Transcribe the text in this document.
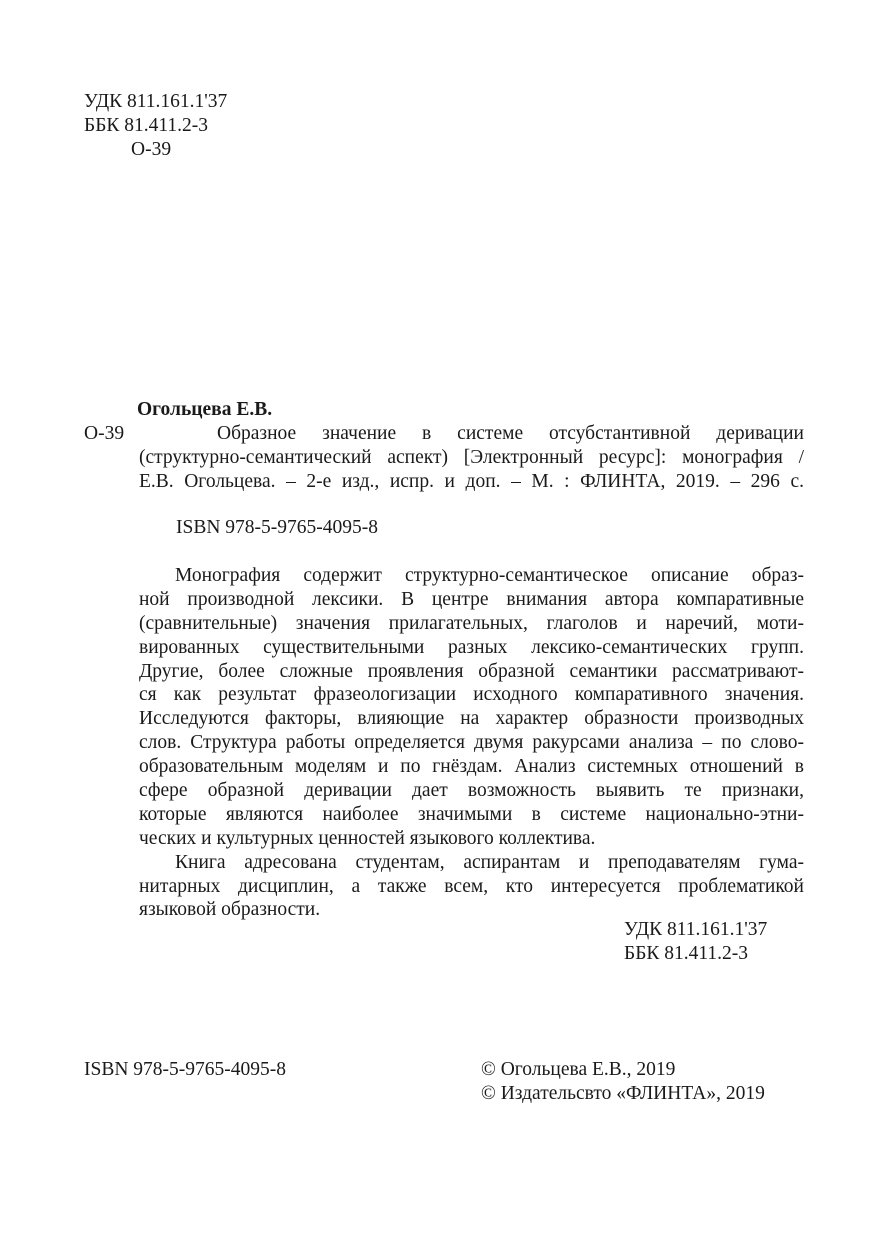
УДК 811.161.1'37
ББК 81.411.2-3
О-39
Огольцева Е.В.
О-39	Образное значение в системе отсубстантивной деривации
(структурно-семантический аспект) [Электронный ресурс]: монография /
Е.В. Огольцева. – 2-е изд., испр. и доп. – М. : ФЛИНТА, 2019. – 296 с.
ISBN 978-5-9765-4095-8
Монография содержит структурно-семантическое описание образ-
ной производной лексики. В центре внимания автора компаративные
(сравнительные) значения прилагательных, глаголов и наречий, моти-
вированных существительными разных лексико-семантических групп.
Другие, более сложные проявления образной семантики рассматривают-
ся как результат фразеологизации исходного компаративного значения.
Исследуются факторы, влияющие на характер образности производных
слов. Структура работы определяется двумя ракурсами анализа – по слово-
образовательным моделям и по гнёздам. Анализ системных отношений в
сфере образной деривации дает возможность выявить те признаки,
которые являются наиболее значимыми в системе национально-этни-
ческих и культурных ценностей языкового коллектива.
Книга адресована студентам, аспирантам и преподавателям гума-
нитарных дисциплин, а также всем, кто интересуется проблематикой
языковой образности.
УДК 811.161.1'37
ББК 81.411.2-3
ISBN 978-5-9765-4095-8	© Огольцева Е.В., 2019
© Издательсвто «ФЛИНТА», 2019
